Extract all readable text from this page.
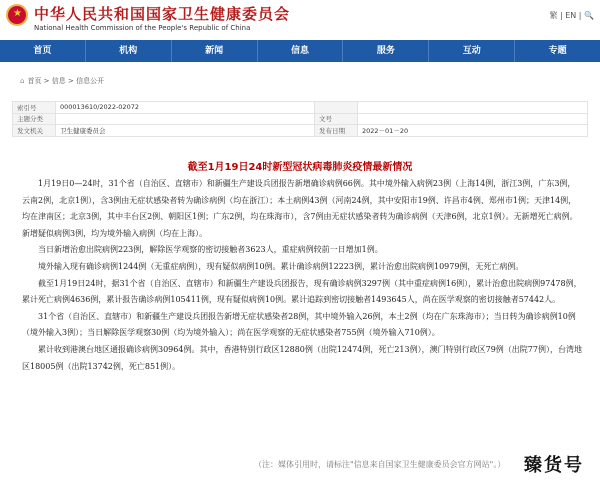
★
中华人民共和国国家卫生健康委员会
National Health Commission of the People's Republic of China
繁 | EN | 🔍
首页	机构	新闻	信息	服务	互动	专题
⌂ 首页 > 信息 > 信息公开
索引号	000013610/2022-02072		
主题分类		文号	
发文机关	卫生健康委员会	发布日期	2022－01－20
截至1月19日24时新型冠状病毒肺炎疫情最新情况

1月19日0—24时，31个省（自治区、直辖市）和新疆生产建设兵团报告新增确诊病例66例。其中境外输入病例23例（上海14例，浙江3例，广东3例，云南2例，北京1例），含3例由无症状感染者转为确诊病例（均在浙江）；本土病例43例（河南24例，其中安阳市19例、许昌市4例、郑州市1例；天津14例，均在津南区；北京3例，其中丰台区2例、朝阳区1例；广东2例，均在珠海市），含7例由无症状感染者转为确诊病例（天津6例，北京1例）。无新增死亡病例。新增疑似病例3例，均为境外输入病例（均在上海）。

当日新增治愈出院病例223例，解除医学观察的密切接触者3623人，重症病例较前一日增加1例。

境外输入现有确诊病例1244例（无重症病例），现有疑似病例10例。累计确诊病例12223例，累计治愈出院病例10979例，无死亡病例。

截至1月19日24时，据31个省（自治区、直辖市）和新疆生产建设兵团报告，现有确诊病例3297例（其中重症病例16例），累计治愈出院病例97478例，累计死亡病例4636例，累计报告确诊病例105411例，现有疑似病例10例。累计追踪到密切接触者1493645人，尚在医学观察的密切接触者57442人。

31个省（自治区、直辖市）和新疆生产建设兵团报告新增无症状感染者28例，其中境外输入26例，本土2例（均在广东珠海市）；当日转为确诊病例10例（境外输入3例）；当日解除医学观察30例（均为境外输入）；尚在医学观察的无症状感染者755例（境外输入710例）。

累计收到港澳台地区通报确诊病例30964例。其中，香港特别行政区12880例（出院12474例，死亡213例），澳门特别行政区79例（出院77例），台湾地区18005例（出院13742例，死亡851例）。

（注：媒体引用时，请标注"信息来自国家卫生健康委员会官方网站"。）	臻货号
